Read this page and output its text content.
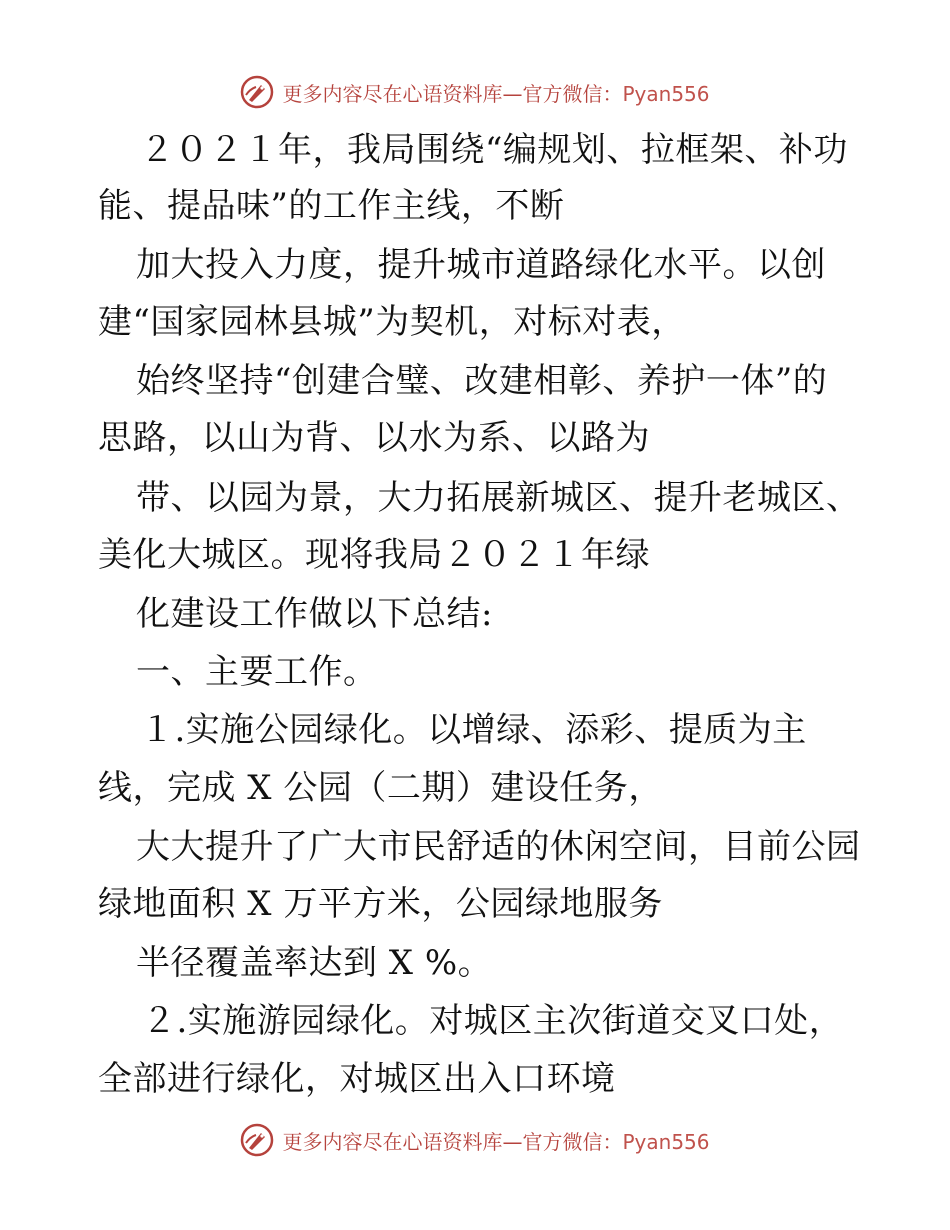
更多内容尽在心语资料库—官方微信：Pyan556
２０２１年，我局围绕“编规划、拉框架、补功
能、提品味”的工作主线，不断
加大投入力度，提升城市道路绿化水平。以创
建“国家园林县城”为契机，对标对表，
始终坚持“创建合璧、改建相彰、养护一体”的
思路，以山为背、以水为系、以路为
带、以园为景，大力拓展新城区、提升老城区、
美化大城区。现将我局２０２１年绿
化建设工作做以下总结:
一、主要工作。
１.实施公园绿化。以增绿、添彩、提质为主
线，完成 X 公园（二期）建设任务，
大大提升了广大市民舒适的休闲空间，目前公园
绿地面积 X 万平方米，公园绿地服务
半径覆盖率达到 X %。
２.实施游园绿化。对城区主次街道交叉口处，
全部进行绿化，对城区出入口环境
更多内容尽在心语资料库—官方微信：Pyan556
